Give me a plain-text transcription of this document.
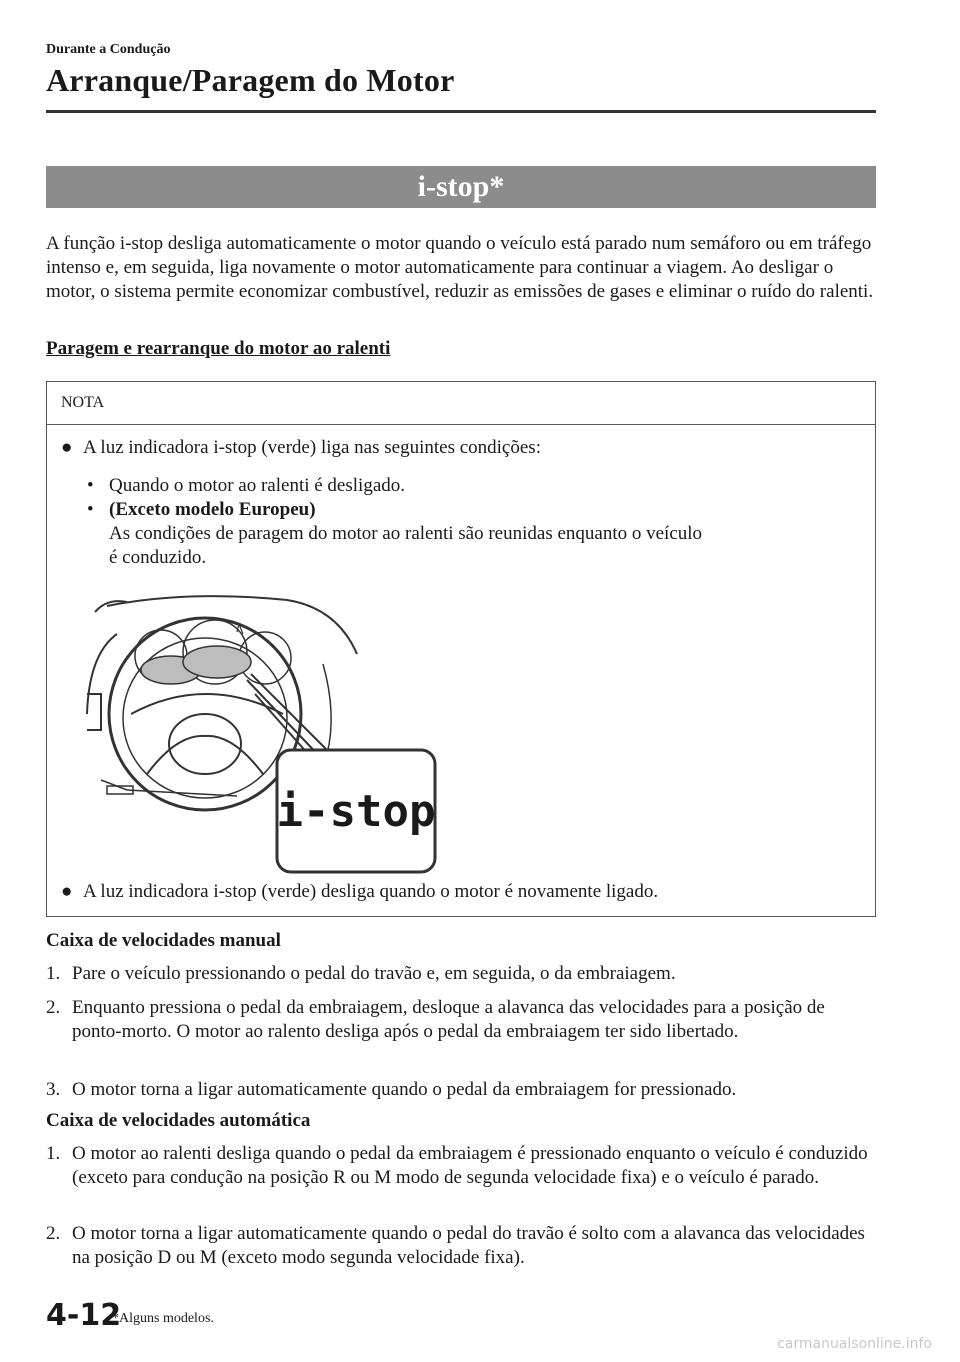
Durante a Condução
Arranque/Paragem do Motor
i-stop*
A função i-stop desliga automaticamente o motor quando o veículo está parado num semáforo ou em tráfego intenso e, em seguida, liga novamente o motor automaticamente para continuar a viagem. Ao desligar o motor, o sistema permite economizar combustível, reduzir as emissões de gases e eliminar o ruído do ralenti.
Paragem e rearranque do motor ao ralenti
NOTA
● A luz indicadora i-stop (verde) liga nas seguintes condições:
• Quando o motor ao ralenti é desligado.
• (Exceto modelo Europeu)
As condições de paragem do motor ao ralenti são reunidas enquanto o veículo
é conduzido.
i-stop
● A luz indicadora i-stop (verde) desliga quando o motor é novamente ligado.
Caixa de velocidades manual
1. Pare o veículo pressionando o pedal do travão e, em seguida, o da embraiagem.
2. Enquanto pressiona o pedal da embraiagem, desloque a alavanca das velocidades para a posição de ponto-morto. O motor ao ralento desliga após o pedal da embraiagem ter sido libertado.
3. O motor torna a ligar automaticamente quando o pedal da embraiagem for pressionado.
Caixa de velocidades automática
1. O motor ao ralenti desliga quando o pedal da embraiagem é pressionado enquanto o veículo é conduzido (exceto para condução na posição R ou M modo de segunda velocidade fixa) e o veículo é parado.
2. O motor torna a ligar automaticamente quando o pedal do travão é solto com a alavanca das velocidades na posição D ou M (exceto modo segunda velocidade fixa).
4-12
*Alguns modelos.
carmanualsonline.info
